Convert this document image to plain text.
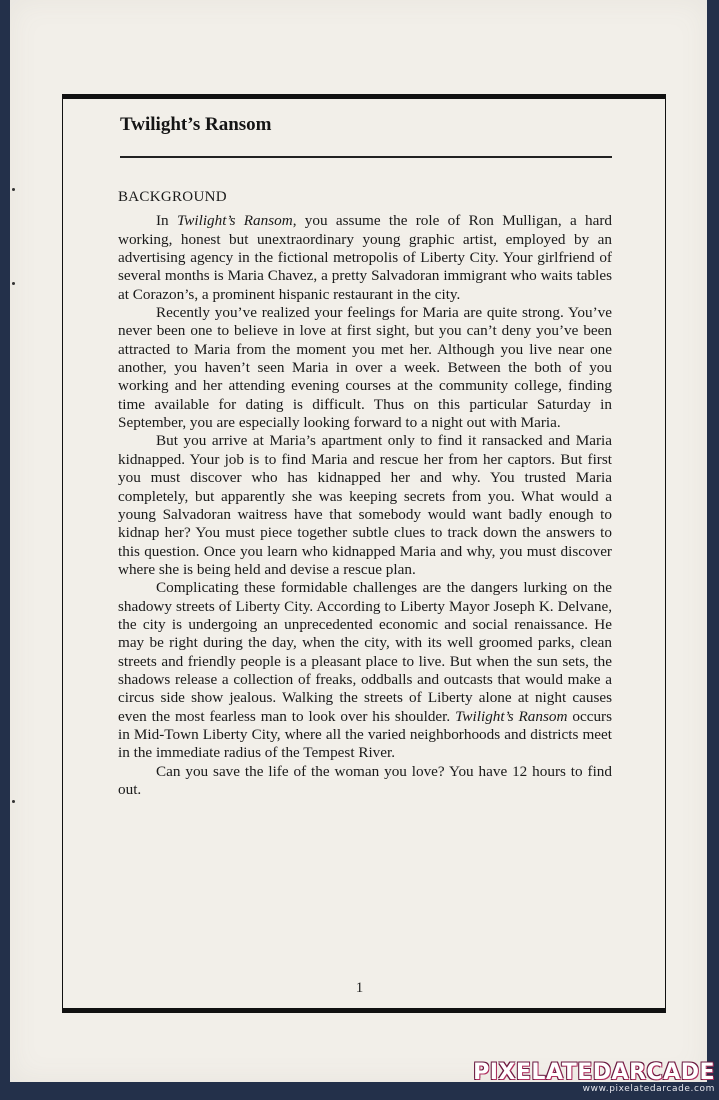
Twilight’s Ransom
BACKGROUND

In Twilight’s Ransom, you assume the role of Ron Mulligan, a hard working, honest but unextraordinary young graphic artist, employed by an advertising agency in the fictional metropolis of Liberty City. Your girlfriend of several months is Maria Chavez, a pretty Salvadoran immigrant who waits tables at Corazon’s, a prominent hispanic restaurant in the city.

Recently you’ve realized your feelings for Maria are quite strong. You’ve never been one to believe in love at first sight, but you can’t deny you’ve been attracted to Maria from the moment you met her. Although you live near one another, you haven’t seen Maria in over a week. Between the both of you working and her attending evening courses at the community college, finding time available for dating is difficult. Thus on this particular Saturday in September, you are especially looking forward to a night out with Maria.

But you arrive at Maria’s apartment only to find it ransacked and Maria kidnapped. Your job is to find Maria and rescue her from her captors. But first you must discover who has kidnapped her and why. You trusted Maria completely, but apparently she was keeping secrets from you. What would a young Salvadoran waitress have that somebody would want badly enough to kidnap her? You must piece together subtle clues to track down the answers to this question. Once you learn who kidnapped Maria and why, you must discover where she is being held and devise a rescue plan.

Complicating these formidable challenges are the dangers lurking on the shadowy streets of Liberty City. According to Liberty Mayor Joseph K. Delvane, the city is undergoing an unprecedented economic and social renaissance. He may be right during the day, when the city, with its well groomed parks, clean streets and friendly people is a pleasant place to live. But when the sun sets, the shadows release a collection of freaks, oddballs and outcasts that would make a circus side show jealous. Walking the streets of Liberty alone at night causes even the most fearless man to look over his shoulder. Twilight’s Ransom occurs in Mid-Town Liberty City, where all the varied neighborhoods and districts meet in the immediate radius of the Tempest River.

Can you save the life of the woman you love? You have 12 hours to find out.

1
PIXELATEDARCADE
www.pixelatedarcade.com
